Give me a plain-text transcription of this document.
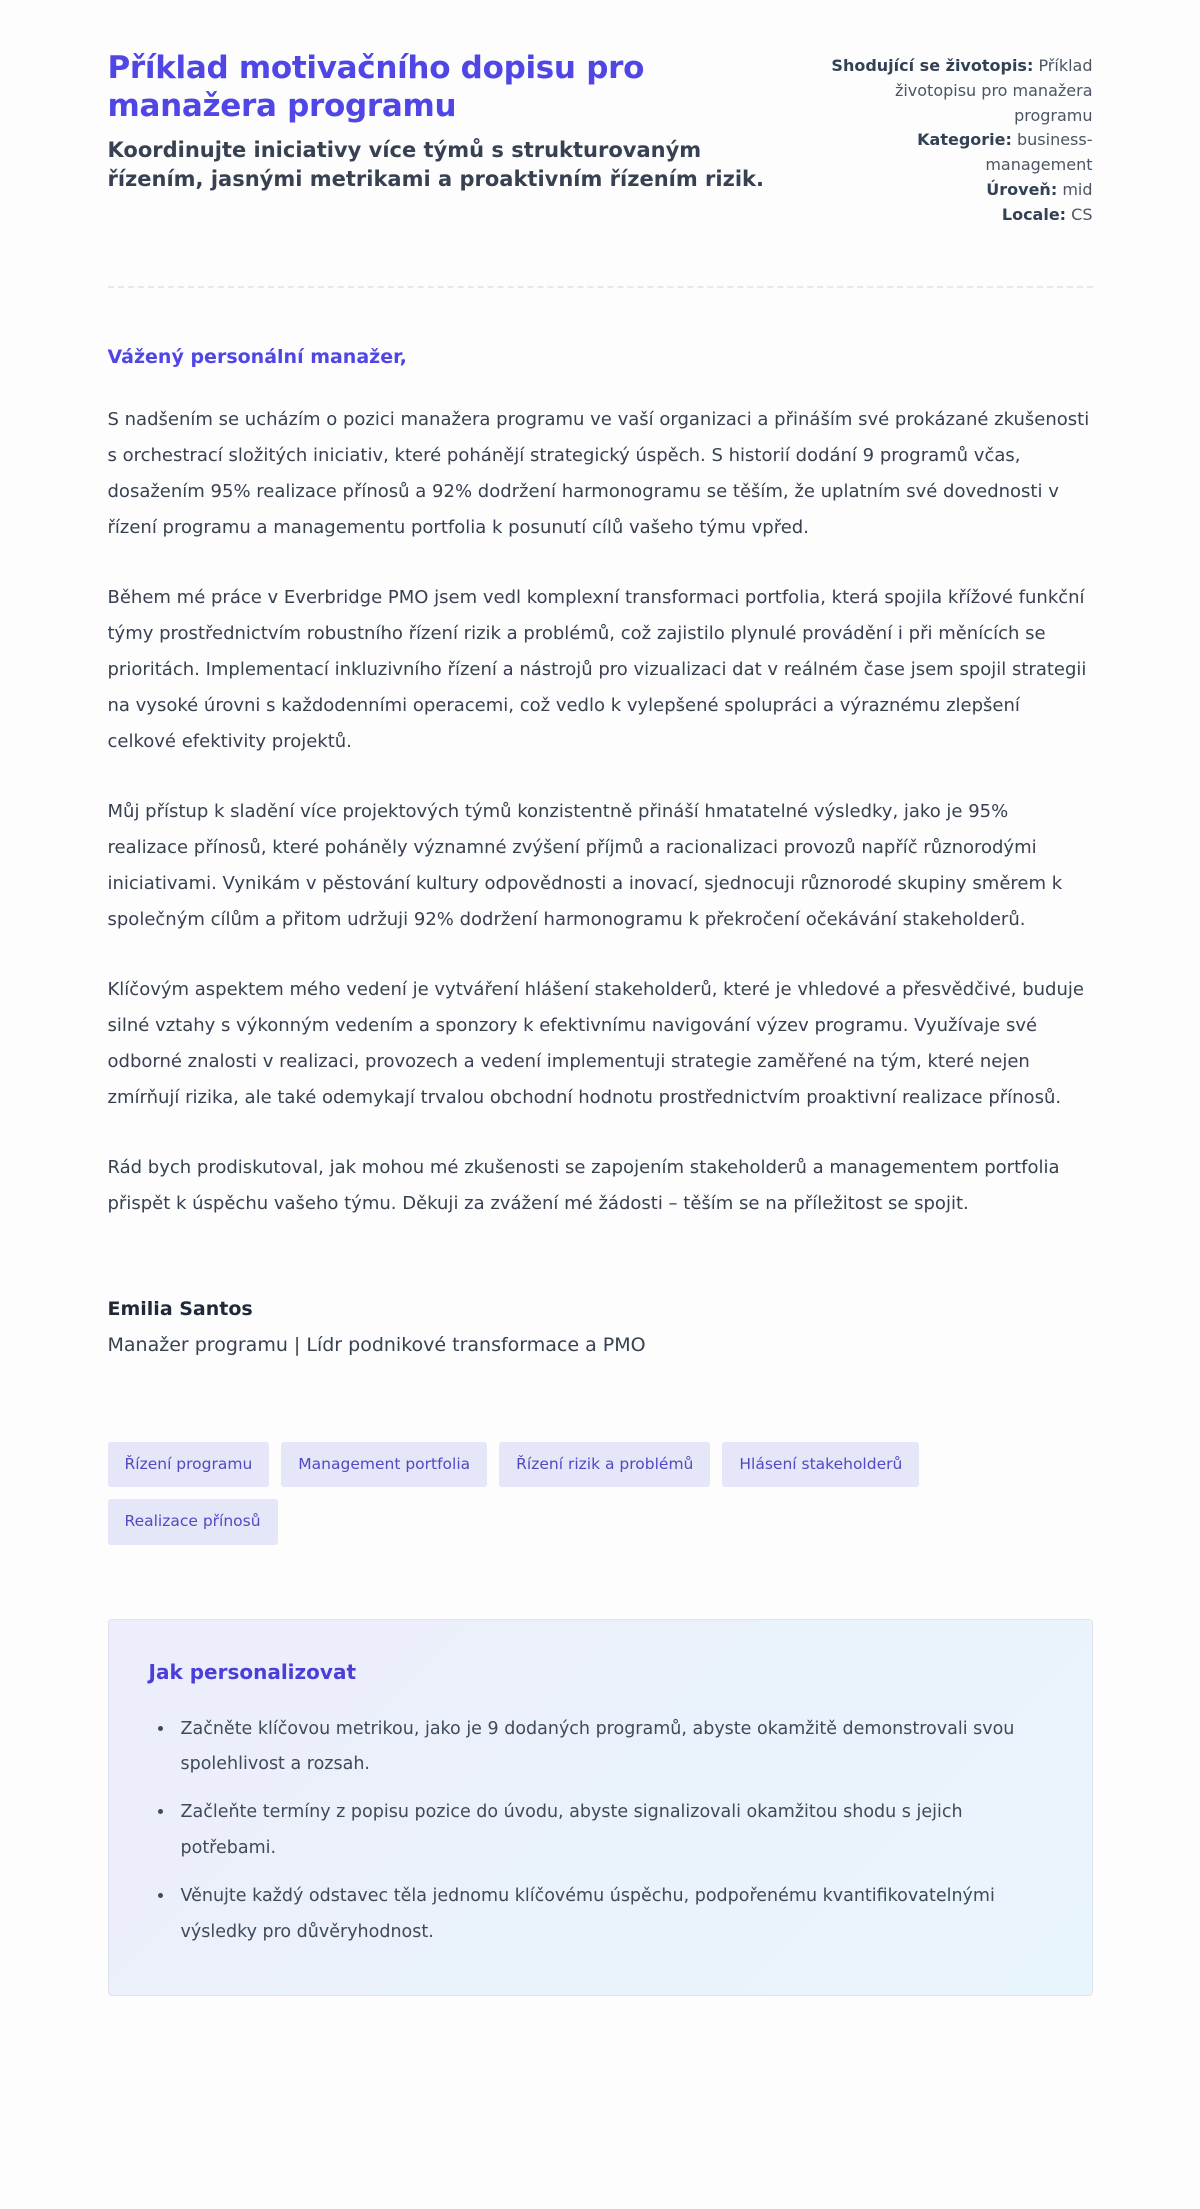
Příklad motivačního dopisu pro manažera programu

Koordinujte iniciativy více týmů s strukturovaným řízením, jasnými metrikami a proaktivním řízením rizik.

Shodující se životopis: Příklad životopisu pro manažera programu
Kategorie: business-management
Úroveň: mid
Locale: CS
Vážený personální manažer,

S nadšením se ucházím o pozici manažera programu ve vaší organizaci a přináším své prokázané zkušenosti s orchestrací složitých iniciativ, které pohánějí strategický úspěch. S historií dodání 9 programů včas, dosažením 95% realizace přínosů a 92% dodržení harmonogramu se těším, že uplatním své dovednosti v řízení programu a managementu portfolia k posunutí cílů vašeho týmu vpřed.

Během mé práce v Everbridge PMO jsem vedl komplexní transformaci portfolia, která spojila křížové funkční týmy prostřednictvím robustního řízení rizik a problémů, což zajistilo plynulé provádění i při měnících se prioritách. Implementací inkluzivního řízení a nástrojů pro vizualizaci dat v reálném čase jsem spojil strategii na vysoké úrovni s každodenními operacemi, což vedlo k vylepšené spolupráci a výraznému zlepšení celkové efektivity projektů.

Můj přístup k sladění více projektových týmů konzistentně přináší hmatatelné výsledky, jako je 95% realizace přínosů, které poháněly významné zvýšení příjmů a racionalizaci provozů napříč různorodými iniciativami. Vynikám v pěstování kultury odpovědnosti a inovací, sjednocuji různorodé skupiny směrem k společným cílům a přitom udržuji 92% dodržení harmonogramu k překročení očekávání stakeholderů.

Klíčovým aspektem mého vedení je vytváření hlášení stakeholderů, které je vhledové a přesvědčivé, buduje silné vztahy s výkonným vedením a sponzory k efektivnímu navigování výzev programu. Využívaje své odborné znalosti v realizaci, provozech a vedení implementuji strategie zaměřené na tým, které nejen zmírňují rizika, ale také odemykají trvalou obchodní hodnotu prostřednictvím proaktivní realizace přínosů.

Rád bych prodiskutoval, jak mohou mé zkušenosti se zapojením stakeholderů a managementem portfolia přispět k úspěchu vašeho týmu. Děkuji za zvážení mé žádosti – těším se na příležitost se spojit.

Emilia Santos
Manažer programu | Lídr podnikové transformace a PMO
Řízení programu	Management portfolia	Řízení rizik a problémů	Hlásení stakeholderů
Realizace přínosů
Jak personalizovat
• Začněte klíčovou metrikou, jako je 9 dodaných programů, abyste okamžitě demonstrovali svou spolehlivost a rozsah.
• Začleňte termíny z popisu pozice do úvodu, abyste signalizovali okamžitou shodu s jejich potřebami.
• Věnujte každý odstavec těla jednomu klíčovému úspěchu, podpořenému kvantifikovatelnými výsledky pro důvěryhodnost.
